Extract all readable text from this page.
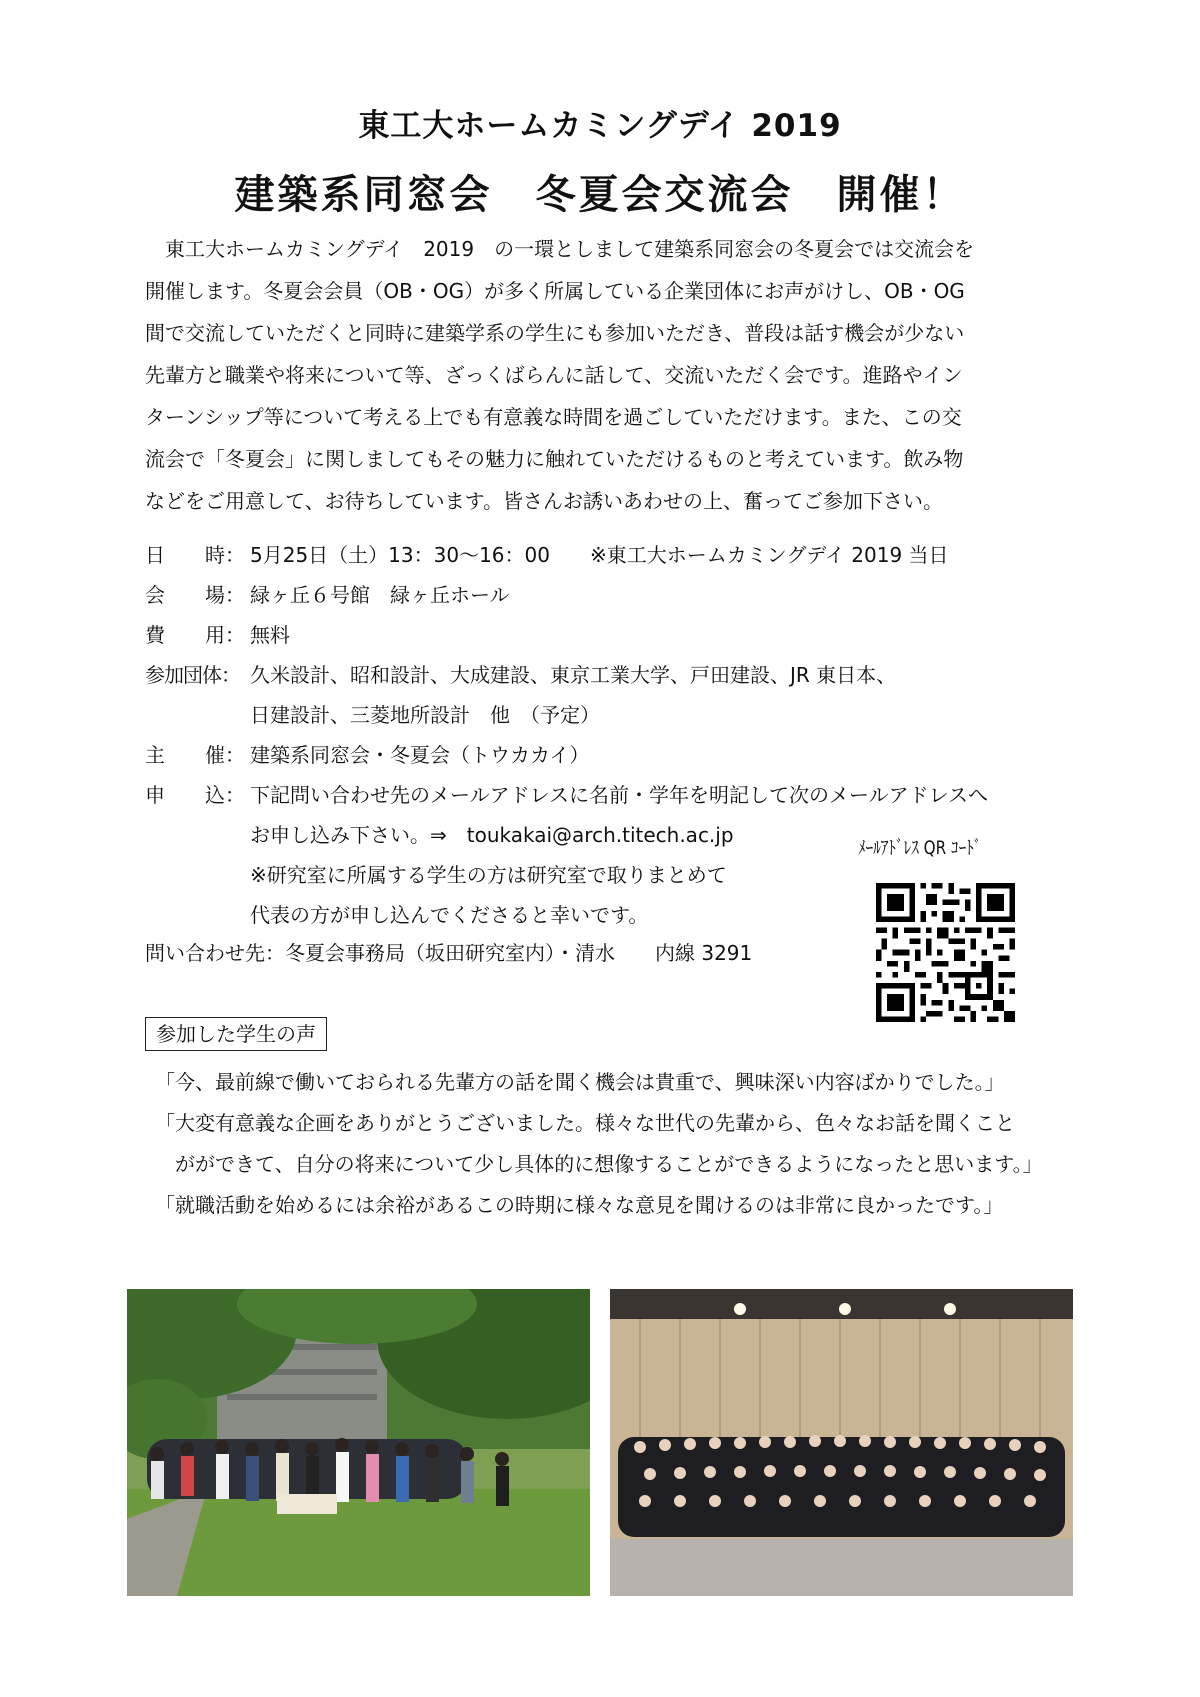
東工大ホームカミングデイ 2019
建築系同窓会　冬夏会交流会　開催！
　東工大ホームカミングデイ　2019　の一環としまして建築系同窓会の冬夏会では交流会を
開催します。冬夏会会員（OB・OG）が多く所属している企業団体にお声がけし、OB・OG
間で交流していただくと同時に建築学系の学生にも参加いただき、普段は話す機会が少ない
先輩方と職業や将来について等、ざっくばらんに話して、交流いただく会です。進路やイン
ターンシップ等について考える上でも有意義な時間を過ごしていただけます。また、この交
流会で「冬夏会」に関しましてもその魅力に触れていただけるものと考えています。飲み物
などをご用意して、お待ちしています。皆さんお誘いあわせの上、奮ってご参加下さい。
日　　時： 5月25日（土）13：30～16：00　　※東工大ホームカミングデイ 2019 当日
会　　場： 緑ヶ丘６号館　緑ヶ丘ホール
費　　用： 無料
参加団体： 久米設計、昭和設計、大成建設、東京工業大学、戸田建設、JR 東日本、
日建設計、三菱地所設計　他　（予定）
主　　催： 建築系同窓会・冬夏会（トウカカイ）
申　　込： 下記問い合わせ先のメールアドレスに名前・学年を明記して次のメールアドレスへ
お申し込み下さい。⇒　toukakai@arch.titech.ac.jp
※研究室に所属する学生の方は研究室で取りまとめて
代表の方が申し込んでくださると幸いです。
問い合わせ先：冬夏会事務局（坂田研究室内）・清水　　内線 3291
ﾒｰﾙｱﾄﾞﾚｽ QR ｺｰﾄﾞ
参加した学生の声
「今、最前線で働いておられる先輩方の話を聞く機会は貴重で、興味深い内容ばかりでした。」
「大変有意義な企画をありがとうございました。様々な世代の先輩から、色々なお話を聞くこと
　がができて、自分の将来について少し具体的に想像することができるようになったと思います。」
「就職活動を始めるには余裕があるこの時期に様々な意見を聞けるのは非常に良かったです。」
